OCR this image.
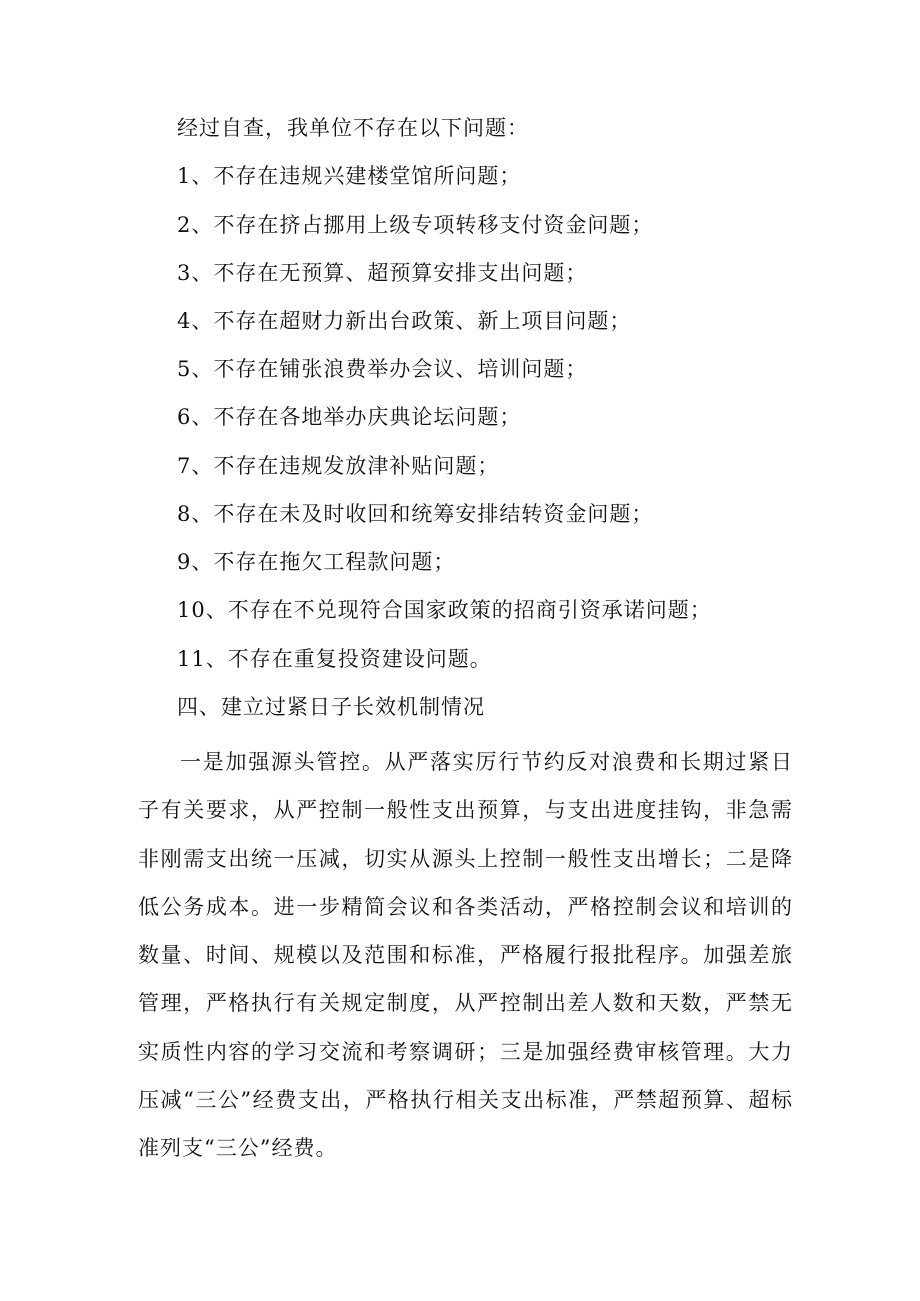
经过自查，我单位不存在以下问题：
1、不存在违规兴建楼堂馆所问题；
2、不存在挤占挪用上级专项转移支付资金问题；
3、不存在无预算、超预算安排支出问题；
4、不存在超财力新出台政策、新上项目问题；
5、不存在铺张浪费举办会议、培训问题；
6、不存在各地举办庆典论坛问题；
7、不存在违规发放津补贴问题；
8、不存在未及时收回和统筹安排结转资金问题；
9、不存在拖欠工程款问题；
10、不存在不兑现符合国家政策的招商引资承诺问题；
11、不存在重复投资建设问题。
四、建立过紧日子长效机制情况
一是加强源头管控。从严落实厉行节约反对浪费和长期过紧日子有关要求，从严控制一般性支出预算，与支出进度挂钩，非急需非刚需支出统一压减，切实从源头上控制一般性支出增长；二是降低公务成本。进一步精简会议和各类活动，严格控制会议和培训的数量、时间、规模以及范围和标准，严格履行报批程序。加强差旅管理，严格执行有关规定制度，从严控制出差人数和天数，严禁无实质性内容的学习交流和考察调研；三是加强经费审核管理。大力压减“三公”经费支出，严格执行相关支出标准，严禁超预算、超标准列支“三公”经费。
